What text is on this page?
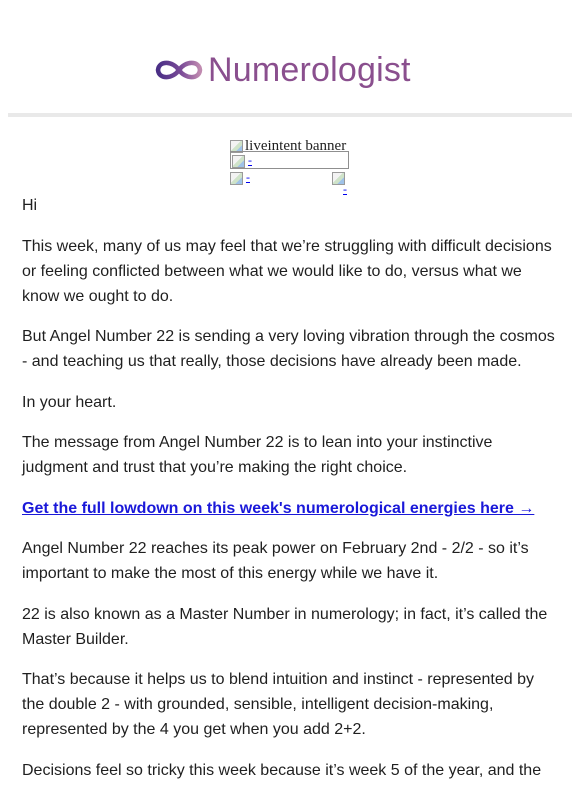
Numerologist
liveintent banner
-
-
-

Hi

This week, many of us may feel that we’re struggling with difficult decisions or feeling conflicted between what we would like to do, versus what we know we ought to do.

But Angel Number 22 is sending a very loving vibration through the cosmos - and teaching us that really, those decisions have already been made.

In your heart.

The message from Angel Number 22 is to lean into your instinctive judgment and trust that you’re making the right choice.

Get the full lowdown on this week's numerological energies here →

Angel Number 22 reaches its peak power on February 2nd - 2/2 - so it’s important to make the most of this energy while we have it.

22 is also known as a Master Number in numerology; in fact, it’s called the Master Builder.

That’s because it helps us to blend intuition and instinct - represented by the double 2 - with grounded, sensible, intelligent decision-making, represented by the 4 you get when you add 2+2.

Decisions feel so tricky this week because it’s week 5 of the year, and the
